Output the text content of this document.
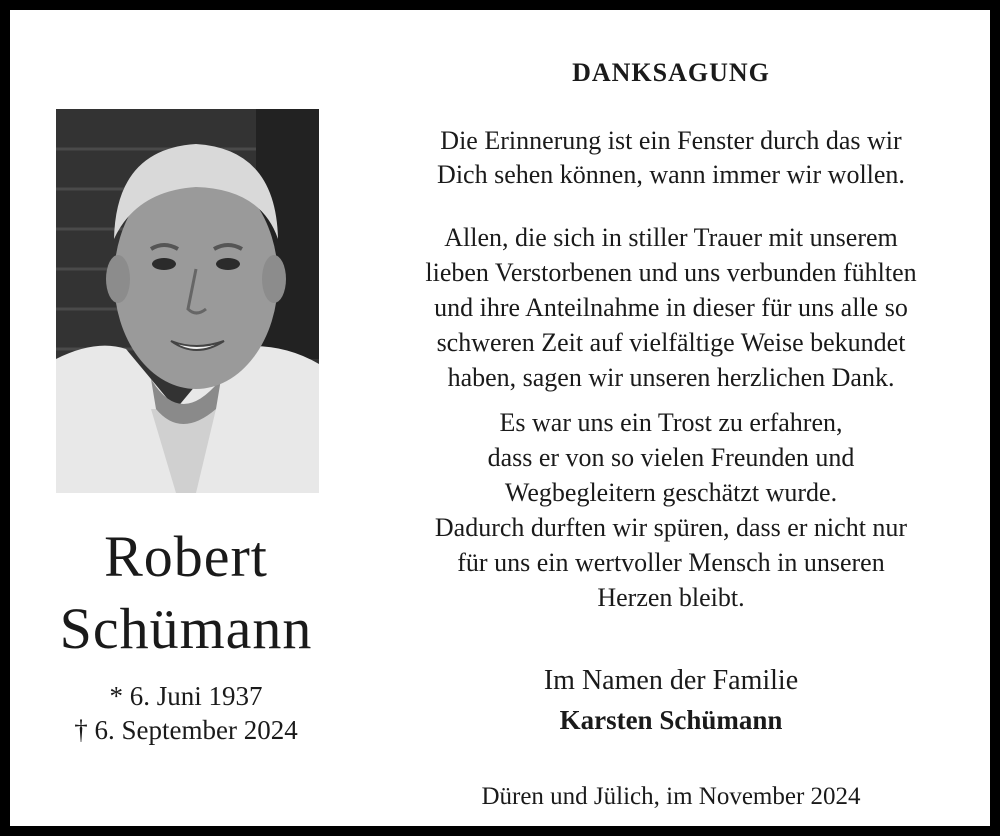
Robert
Schümann
* 6. Juni 1937
† 6. September 2024
DANKSAGUNG
Die Erinnerung ist ein Fenster durch das wir
Dich sehen können, wann immer wir wollen.
Allen, die sich in stiller Trauer mit unserem
lieben Verstorbenen und uns verbunden fühlten
und ihre Anteilnahme in dieser für uns alle so
schweren Zeit auf vielfältige Weise bekundet
haben, sagen wir unseren herzlichen Dank.
Es war uns ein Trost zu erfahren,
dass er von so vielen Freunden und
Wegbegleitern geschätzt wurde.
Dadurch durften wir spüren, dass er nicht nur
für uns ein wertvoller Mensch in unseren
Herzen bleibt.
Im Namen der Familie
Karsten Schümann
Düren und Jülich, im November 2024
